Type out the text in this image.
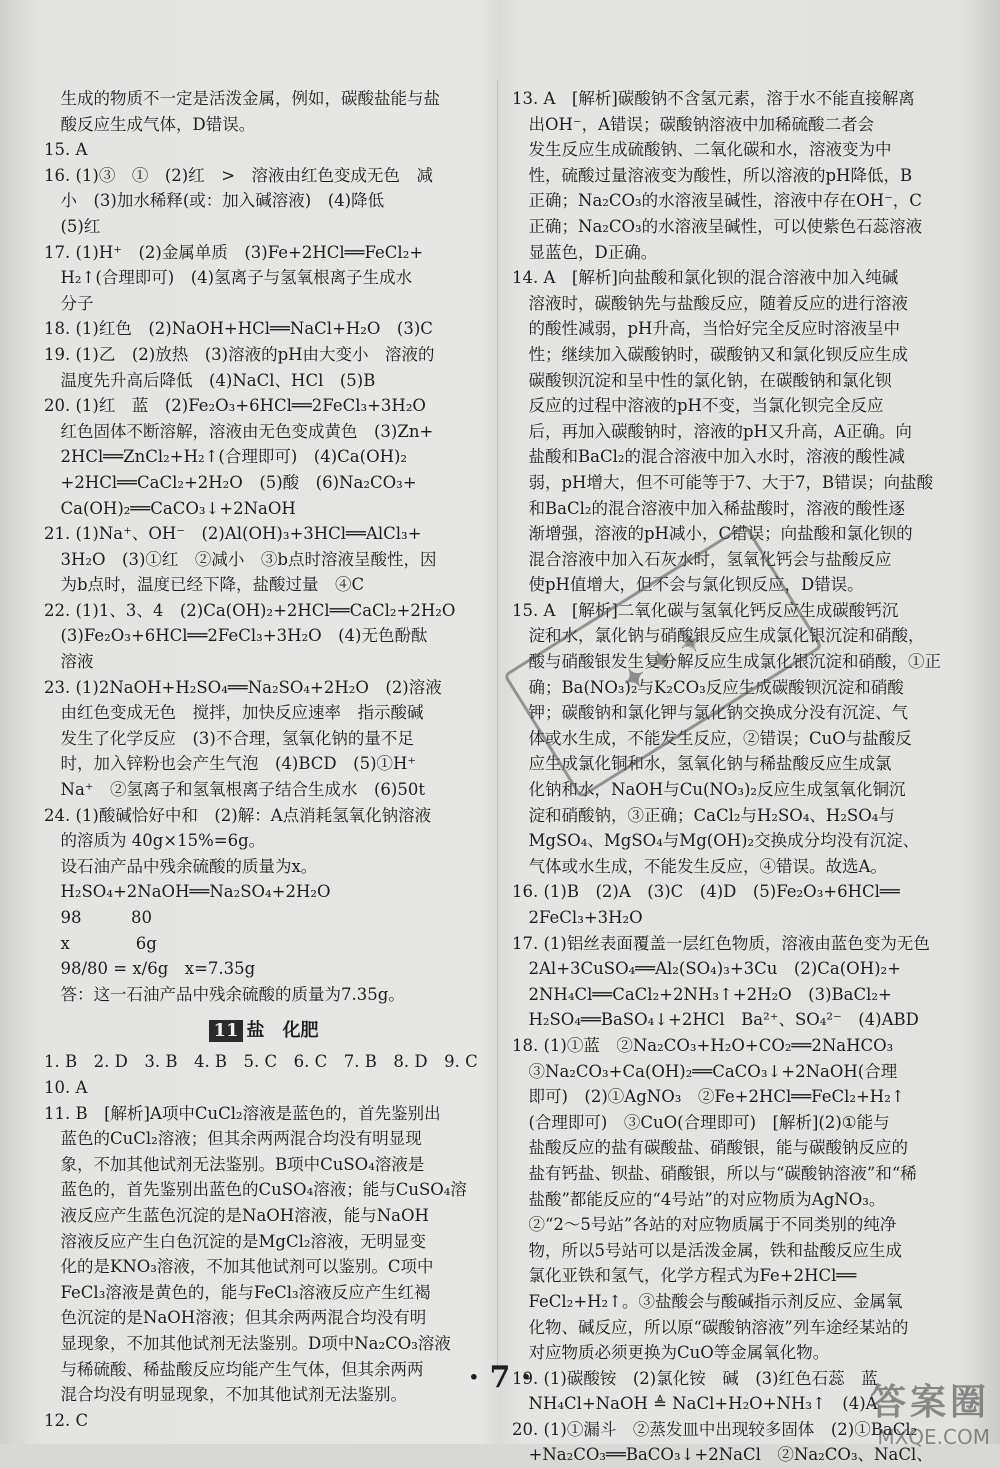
　生成的物质不一定是活泼金属，例如，碳酸盐能与盐
　酸反应生成气体，D错误。
15. A
16. (1)③　①　(2)红　>　溶液由红色变成无色　减
　小　(3)加水稀释(或：加入碱溶液)　(4)降低
　(5)红
17. (1)H⁺　(2)金属单质　(3)Fe+2HCl══FeCl₂+
　H₂↑(合理即可)　(4)氢离子与氢氧根离子生成水
　分子
18. (1)红色　(2)NaOH+HCl══NaCl+H₂O　(3)C
19. (1)乙　(2)放热　(3)溶液的pH由大变小　溶液的
　温度先升高后降低　(4)NaCl、HCl　(5)B
20. (1)红　蓝　(2)Fe₂O₃+6HCl══2FeCl₃+3H₂O
　红色固体不断溶解，溶液由无色变成黄色　(3)Zn+
　2HCl══ZnCl₂+H₂↑(合理即可)　(4)Ca(OH)₂
　+2HCl══CaCl₂+2H₂O　(5)酸　(6)Na₂CO₃+
　Ca(OH)₂══CaCO₃↓+2NaOH
21. (1)Na⁺、OH⁻　(2)Al(OH)₃+3HCl══AlCl₃+
　3H₂O　(3)①红　②减小　③b点时溶液呈酸性，因
　为b点时，温度已经下降，盐酸过量　④C
22. (1)1、3、4　(2)Ca(OH)₂+2HCl══CaCl₂+2H₂O
　(3)Fe₂O₃+6HCl══2FeCl₃+3H₂O　(4)无色酚酞
　溶液
23. (1)2NaOH+H₂SO₄══Na₂SO₄+2H₂O　(2)溶液
　由红色变成无色　搅拌，加快反应速率　指示酸碱
　发生了化学反应　(3)不合理，氢氧化钠的量不足
　时，加入锌粉也会产生气泡　(4)BCD　(5)①H⁺
　Na⁺　②氢离子和氢氧根离子结合生成水　(6)50t
24. (1)酸碱恰好中和　(2)解：A点消耗氢氧化钠溶液
　的溶质为 40g×15%=6g。
　设石油产品中残余硫酸的质量为x。
　H₂SO₄+2NaOH══Na₂SO₄+2H₂O
　98　　　80
　x　　　　6g
　98/80 = x/6g　x=7.35g
　答：这一石油产品中残余硫酸的质量为7.35g。
11 盐　化肥
1. B　2. D　3. B　4. B　5. C　6. C　7. B　8. D　9. C
10. A
11. B　[解析]A项中CuCl₂溶液是蓝色的，首先鉴别出
　蓝色的CuCl₂溶液；但其余两两混合均没有明显现
　象，不加其他试剂无法鉴别。B项中CuSO₄溶液是
　蓝色的，首先鉴别出蓝色的CuSO₄溶液；能与CuSO₄溶
　液反应产生蓝色沉淀的是NaOH溶液，能与NaOH
　溶液反应产生白色沉淀的是MgCl₂溶液，无明显变
　化的是KNO₃溶液，不加其他试剂可以鉴别。C项中
　FeCl₃溶液是黄色的，能与FeCl₃溶液反应产生红褐
　色沉淀的是NaOH溶液；但其余两两混合均没有明
　显现象，不加其他试剂无法鉴别。D项中Na₂CO₃溶液
　与稀硫酸、稀盐酸反应均能产生气体，但其余两两
　混合均没有明显现象，不加其他试剂无法鉴别。
12. C
13. A　[解析]碳酸钠不含氢元素，溶于水不能直接解离
　出OH⁻，A错误；碳酸钠溶液中加稀硫酸二者会
　发生反应生成硫酸钠、二氧化碳和水，溶液变为中
　性，硫酸过量溶液变为酸性，所以溶液的pH降低，B
　正确；Na₂CO₃的水溶液呈碱性，溶液中存在OH⁻，C
　正确；Na₂CO₃的水溶液呈碱性，可以使紫色石蕊溶液
　显蓝色，D正确。
14. A　[解析]向盐酸和氯化钡的混合溶液中加入纯碱
　溶液时，碳酸钠先与盐酸反应，随着反应的进行溶液
　的酸性减弱，pH升高，当恰好完全反应时溶液呈中
　性；继续加入碳酸钠时，碳酸钠又和氯化钡反应生成
　碳酸钡沉淀和呈中性的氯化钠，在碳酸钠和氯化钡
　反应的过程中溶液的pH不变，当氯化钡完全反应
　后，再加入碳酸钠时，溶液的pH又升高，A正确。向
　盐酸和BaCl₂的混合溶液中加入水时，溶液的酸性减
　弱，pH增大，但不可能等于7、大于7，B错误；向盐酸
　和BaCl₂的混合溶液中加入稀盐酸时，溶液的酸性逐
　渐增强，溶液的pH减小，C错误；向盐酸和氯化钡的
　混合溶液中加入石灰水时，氢氧化钙会与盐酸反应
　使pH值增大，但不会与氯化钡反应，D错误。
15. A　[解析]二氧化碳与氢氧化钙反应生成碳酸钙沉
　淀和水，氯化钠与硝酸银反应生成氯化银沉淀和硝酸，
　酸与硝酸银发生复分解反应生成氯化银沉淀和硝酸，①正
　确；Ba(NO₃)₂与K₂CO₃反应生成碳酸钡沉淀和硝酸
　钾；碳酸钠和氯化钾与氯化钠交换成分没有沉淀、气
　体或水生成，不能发生反应，②错误；CuO与盐酸反
　应生成氯化铜和水，氢氧化钠与稀盐酸反应生成氯
　化钠和水，NaOH与Cu(NO₃)₂反应生成氢氧化铜沉
　淀和硝酸钠，③正确；CaCl₂与H₂SO₄、H₂SO₄与
　MgSO₄、MgSO₄与Mg(OH)₂交换成分均没有沉淀、
　气体或水生成，不能发生反应，④错误。故选A。
16. (1)B　(2)A　(3)C　(4)D　(5)Fe₂O₃+6HCl══
　2FeCl₃+3H₂O
17. (1)铝丝表面覆盖一层红色物质，溶液由蓝色变为无色
　2Al+3CuSO₄══Al₂(SO₄)₃+3Cu　(2)Ca(OH)₂+
　2NH₄Cl══CaCl₂+2NH₃↑+2H₂O　(3)BaCl₂+
　H₂SO₄══BaSO₄↓+2HCl　Ba²⁺、SO₄²⁻　(4)ABD
18. (1)①蓝　②Na₂CO₃+H₂O+CO₂══2NaHCO₃
　③Na₂CO₃+Ca(OH)₂══CaCO₃↓+2NaOH(合理
　即可)　(2)①AgNO₃　②Fe+2HCl══FeCl₂+H₂↑
　(合理即可)　③CuO(合理即可)　[解析](2)①能与
　盐酸反应的盐有碳酸盐、硝酸银，能与碳酸钠反应的
　盐有钙盐、钡盐、硝酸银，所以与“碳酸钠溶液”和“稀
　盐酸”都能反应的“4号站”的对应物质为AgNO₃。
　②“2～5号站”各站的对应物质属于不同类别的纯净
　物，所以5号站可以是活泼金属，铁和盐酸反应生成
　氯化亚铁和氢气，化学方程式为Fe+2HCl══
　FeCl₂+H₂↑。③盐酸会与酸碱指示剂反应、金属氧
　化物、碱反应，所以原“碳酸钠溶液”列车途经某站的
　对应物质必须更换为CuO等金属氧化物。
19. (1)碳酸铵　(2)氯化铵　碱　(3)红色石蕊　蓝
　NH₄Cl+NaOH ≜ NaCl+H₂O+NH₃↑　(4)A
20. (1)①漏斗　②蒸发皿中出现较多固体　(2)①BaCl₂
　+Na₂CO₃══BaCO₃↓+2NaCl　②Na₂CO₃、NaCl、
✦ ✦ ✦
· 7 ·
答案圈
MXQE.COM
